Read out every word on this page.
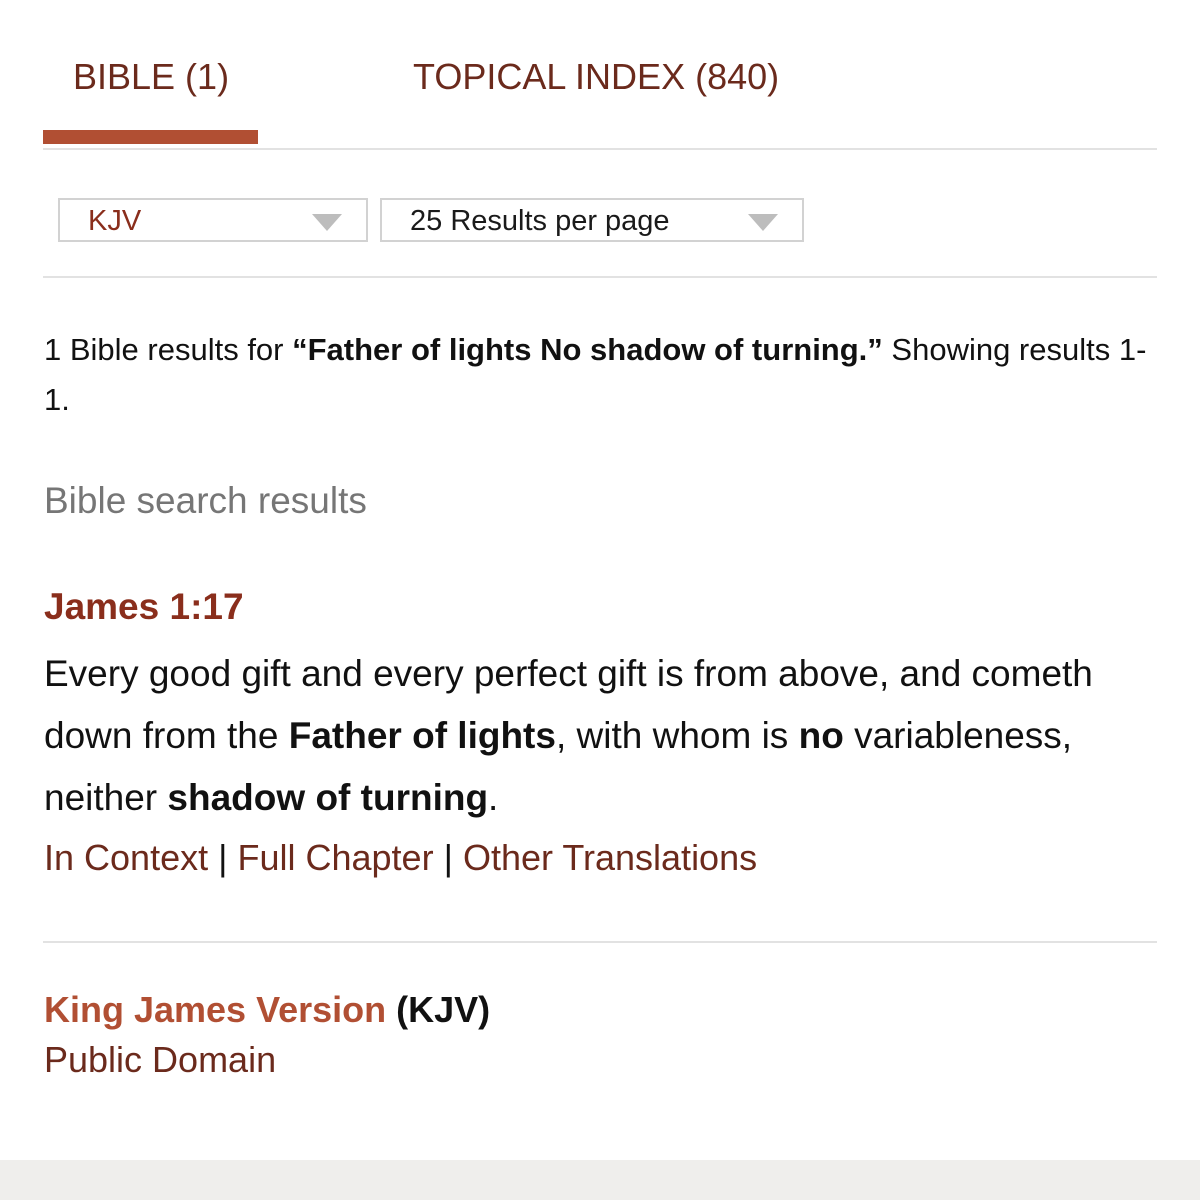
BIBLE (1)	TOPICAL INDEX (840)
KJV	25 Results per page
1 Bible results for “Father of lights No shadow of turning.” Showing results 1-1.
Bible search results
James 1:17
Every good gift and every perfect gift is from above, and cometh down from the Father of lights, with whom is no variableness, neither shadow of turning.
In Context | Full Chapter | Other Translations
King James Version (KJV)
Public Domain
